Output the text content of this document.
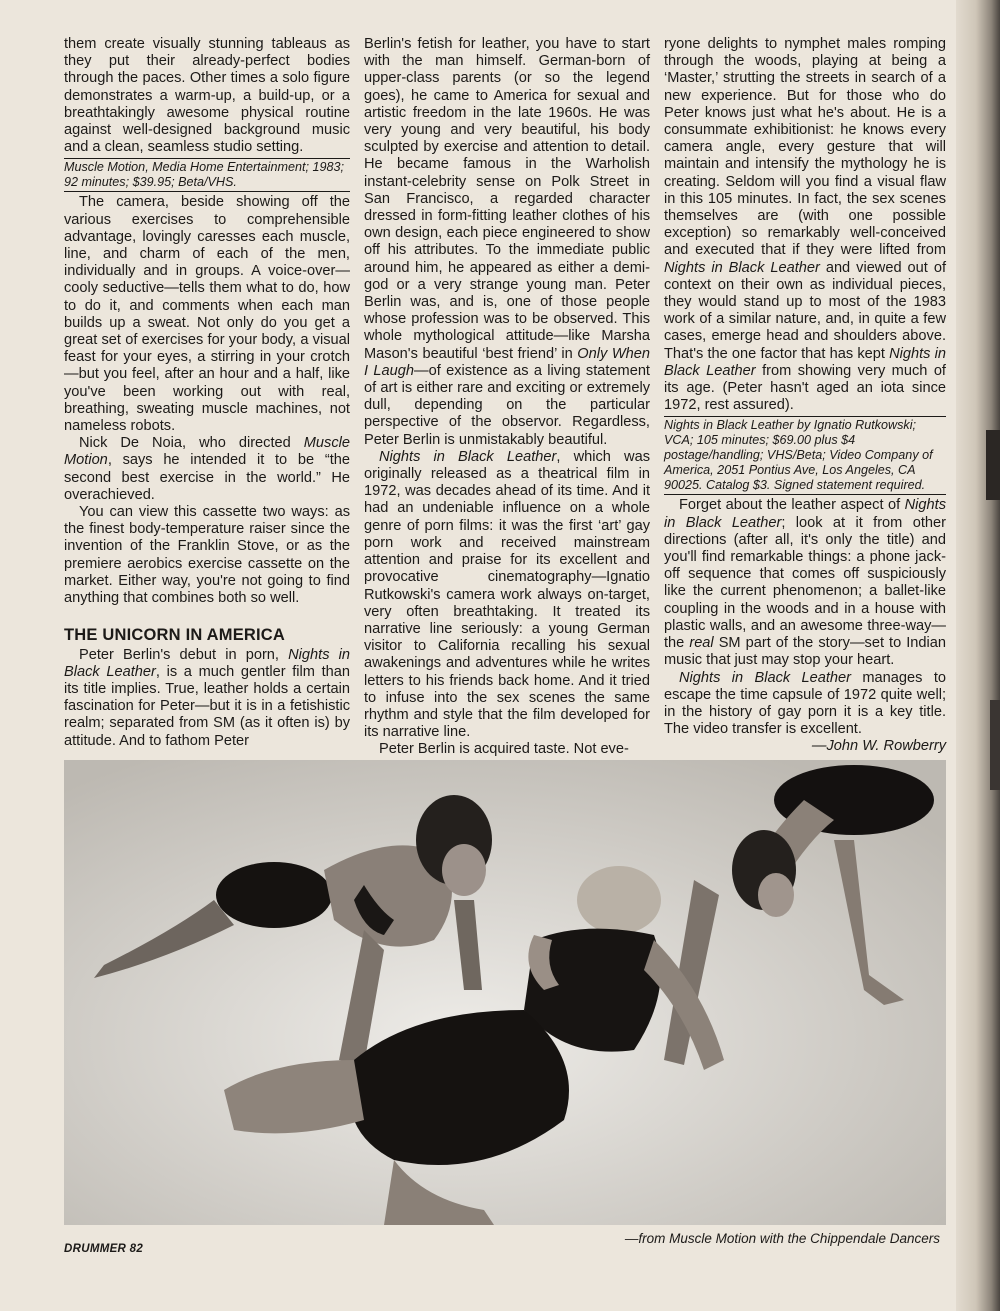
them create visually stunning tableaus as they put their already-perfect bodies through the paces. Other times a solo figure demonstrates a warm-up, a build-up, or a breathtakingly awesome physical routine against well-designed background music and a clean, seamless studio setting.

Muscle Motion, Media Home Entertainment; 1983; 92 minutes; $39.95; Beta/VHS.

The camera, beside showing off the various exercises to comprehensible advantage, lovingly caresses each muscle, line, and charm of each of the men, individually and in groups. A voice-over—cooly seductive—tells them what to do, how to do it, and comments when each man builds up a sweat. Not only do you get a great set of exercises for your body, a visual feast for your eyes, a stirring in your crotch—but you feel, after an hour and a half, like you've been working out with real, breathing, sweating muscle machines, not nameless robots.

Nick De Noia, who directed Muscle Motion, says he intended it to be “the second best exercise in the world.” He overachieved.

You can view this cassette two ways: as the finest body-temperature raiser since the invention of the Franklin Stove, or as the premiere aerobics exercise cassette on the market. Either way, you're not going to find anything that combines both so well.

THE UNICORN IN AMERICA

Peter Berlin's debut in porn, Nights in Black Leather, is a much gentler film than its title implies. True, leather holds a certain fascination for Peter—but it is in a fetishistic realm; separated from SM (as it often is) by attitude. And to fathom Peter

Berlin's fetish for leather, you have to start with the man himself. German-born of upper-class parents (or so the legend goes), he came to America for sexual and artistic freedom in the late 1960s. He was very young and very beautiful, his body sculpted by exercise and attention to detail. He became famous in the Warholish instant-celebrity sense on Polk Street in San Francisco, a regarded character dressed in form-fitting leather clothes of his own design, each piece engineered to show off his attributes. To the immediate public around him, he appeared as either a demi-god or a very strange young man. Peter Berlin was, and is, one of those people whose profession was to be observed. This whole mythological attitude—like Marsha Mason's beautiful ‘best friend’ in Only When I Laugh—of existence as a living statement of art is either rare and exciting or extremely dull, depending on the particular perspective of the observor. Regardless, Peter Berlin is unmistakably beautiful.

Nights in Black Leather, which was originally released as a theatrical film in 1972, was decades ahead of its time. And it had an undeniable influence on a whole genre of porn films: it was the first ‘art’ gay porn work and received mainstream attention and praise for its excellent and provocative cinematography—Ignatio Rutkowski's camera work always on-target, very often breathtaking. It treated its narrative line seriously: a young German visitor to California recalling his sexual awakenings and adventures while he writes letters to his friends back home. And it tried to infuse into the sex scenes the same rhythm and style that the film developed for its narrative line.

Peter Berlin is acquired taste. Not eve-

ryone delights to nymphet males romping through the woods, playing at being a ‘Master,’ strutting the streets in search of a new experience. But for those who do Peter knows just what he's about. He is a consummate exhibitionist: he knows every camera angle, every gesture that will maintain and intensify the mythology he is creating. Seldom will you find a visual flaw in this 105 minutes. In fact, the sex scenes themselves are (with one possible exception) so remarkably well-conceived and executed that if they were lifted from Nights in Black Leather and viewed out of context on their own as individual pieces, they would stand up to most of the 1983 work of a similar nature, and, in quite a few cases, emerge head and shoulders above. That's the one factor that has kept Nights in Black Leather from showing very much of its age. (Peter hasn't aged an iota since 1972, rest assured).

Nights in Black Leather by Ignatio Rutkowski; VCA; 105 minutes; $69.00 plus $4 postage/handling; VHS/Beta; Video Company of America, 2051 Pontius Ave, Los Angeles, CA 90025. Catalog $3. Signed statement required.

Forget about the leather aspect of Nights in Black Leather; look at it from other directions (after all, it's only the title) and you'll find remarkable things: a phone jack-off sequence that comes off suspiciously like the current phenomenon; a ballet-like coupling in the woods and in a house with plastic walls, and an awesome three-way—the real SM part of the story—set to Indian music that just may stop your heart.

Nights in Black Leather manages to escape the time capsule of 1972 quite well; in the history of gay porn it is a key title. The video transfer is excellent.

—John W. Rowberry

—from Muscle Motion with the Chippendale Dancers
DRUMMER 82
